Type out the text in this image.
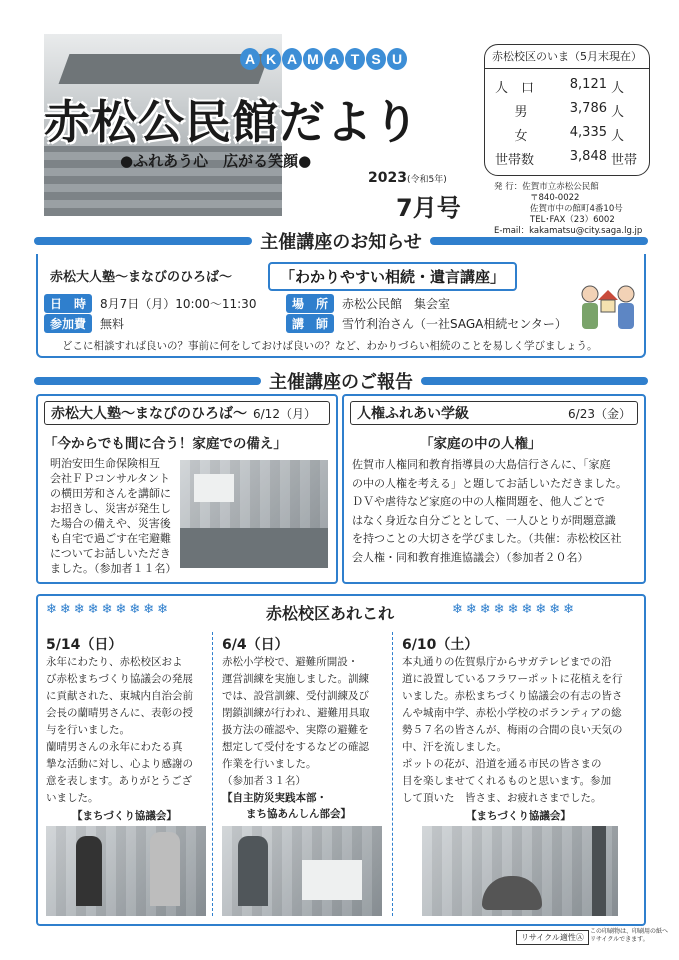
A K A M A T S U
赤松公民館だより
●ふれあう心　広がる笑顔●
2023(令和5年)
7月号
赤松校区のいま（5月末現在）
人　口	8,121 人
男	3,786 人
女	4,335 人
世帯数	3,848 世帯
発 行：佐賀市立赤松公民館
〒840-0022
佐賀市中の館町4番10号
TEL･FAX（23）6002
E-mail：kakamatsu@city.saga.lg.jp
主催講座のお知らせ
赤松大人塾～まなびのひろば～	「わかりやすい相続・遺言講座」
日　時	8月7日（月）10:00～11:30
参加費	無料
場　所	赤松公民館　集会室
講　師	雪竹利治さん（一社SAGA相続センター）
どこに相談すれば良いの？事前に何をしておけば良いの？など、わかりづらい相続のことを易しく学びましょう。
主催講座のご報告
赤松大人塾～まなびのひろば～ 6/12（月）
「今からでも間に合う！家庭での備え」
明治安田生命保険相互
会社ＦＰコンサルタント
の横田芳和さんを講師に
お招きし、災害が発生し
た場合の備えや、災害後
も自宅で過ごす在宅避難
についてお話しいただき
ました。（参加者１１名）
人権ふれあい学級	6/23（金）
「家庭の中の人権」
佐賀市人権同和教育指導員の大島信行さんに、「家庭
の中の人権を考える」と題してお話しいただきました。
ＤＶや虐待など家庭の中の人権問題を、他人ごとで
はなく身近な自分ごととして、一人ひとりが問題意識
を持つことの大切さを学びました。（共催：赤松校区社
会人権・同和教育推進協議会）（参加者２０名）
❄❄❄❄❄❄❄❄❄	赤松校区あれこれ	❄❄❄❄❄❄❄❄❄
5/14（日）
永年にわたり、赤松校区およ
び赤松まちづくり協議会の発展
に貢献された、東城内自治会前
会長の蘭晴男さんに、表彰の授
与を行いました。
蘭晴男さんの永年にわたる真
摯な活動に対し、心より感謝の
意を表します。ありがとうござ
いました。
【まちづくり協議会】
6/4（日）
赤松小学校で、避難所開設・
運営訓練を実施しました。訓練
では、設営訓練、受付訓練及び
閉鎖訓練が行われ、避難用具取
扱方法の確認や、実際の避難を
想定して受付をするなどの確認
作業を行いました。
（参加者３１名）
【自主防災実践本部・
まち協あんしん部会】
6/10（土）
本丸通りの佐賀県庁からサガテレビまでの沿
道に設置しているフラワーポットに花植えを行
いました。赤松まちづくり協議会の有志の皆さ
んや城南中学、赤松小学校のボランティアの総
勢５７名の皆さんが、梅雨の合間の良い天気の
中、汗を流しました。
ポットの花が、沿道を通る市民の皆さまの
目を楽しませてくれるものと思います。参加
して頂いた　皆さま、お疲れさまでした。
【まちづくり協議会】
リサイクル適性Ⓐ
この印刷物は、印刷用の紙へリサイクルできます。
